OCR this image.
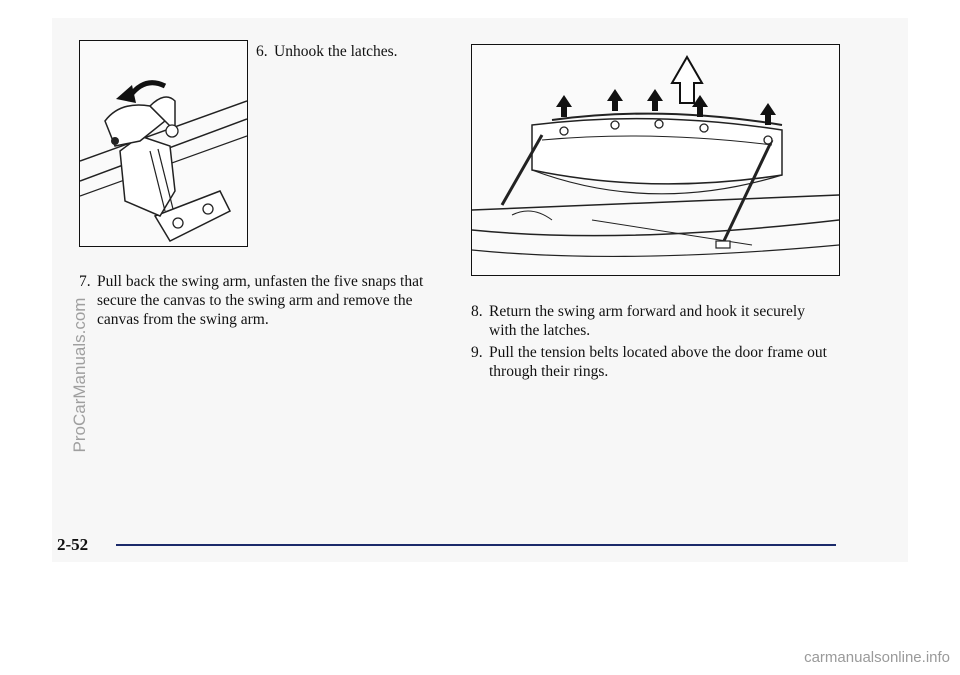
6. Unhook the latches.
7. Pull back the swing arm, unfasten the five snaps that secure the canvas to the swing arm and remove the canvas from the swing arm.	8. Return the swing arm forward and hook it securely with the latches.
9. Pull the tension belts located above the door frame out through their rings.
2-52
ProCarManuals.com
carmanualsonline.info
